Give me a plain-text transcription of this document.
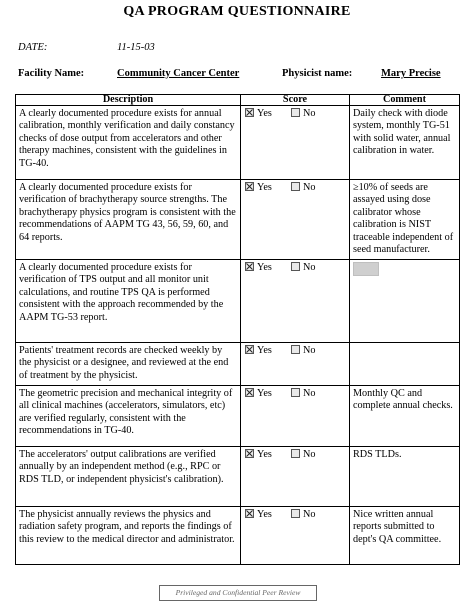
QA PROGRAM QUESTIONNAIRE
DATE:	11-15-03
Facility Name:	Community Cancer Center	Physicist name:	Mary Precise
Description	Score	Comment
A clearly documented procedure exists for annual calibration, monthly verification and daily constancy checks of dose output from accelerators and other therapy machines, consistent with the guidelines in TG-40.	Yes No	Daily check with diode system, monthly TG-51 with solid water, annual calibration in water.
A clearly documented procedure exists for verification of brachytherapy source strengths. The brachytherapy physics program is consistent with the recommendations of AAPM TG 43, 56, 59, 60, and 64 reports.	Yes No	≥10% of seeds are assayed using dose calibrator whose calibration is NIST traceable independent of seed manufacturer.
A clearly documented procedure exists for verification of TPS output and all monitor unit calculations, and routine TPS QA is performed consistent with the approach recommended by the AAPM TG-53 report.	Yes No	
Patients' treatment records are checked weekly by the physicist or a designee, and reviewed at the end of treatment by the physicist.	Yes No	
The geometric precision and mechanical integrity of all clinical machines (accelerators, simulators, etc) are verified regularly, consistent with the recommendations in TG-40.	Yes No	Monthly QC and complete annual checks.
The accelerators' output calibrations are verified annually by an independent method (e.g., RPC or RDS TLD, or independent physicist's calibration).	Yes No	RDS TLDs.
The physicist annually reviews the physics and radiation safety program, and reports the findings of this review to the medical director and administrator.	Yes No	Nice written annual reports submitted to dept's QA committee.
Privileged and Confidential Peer Review
